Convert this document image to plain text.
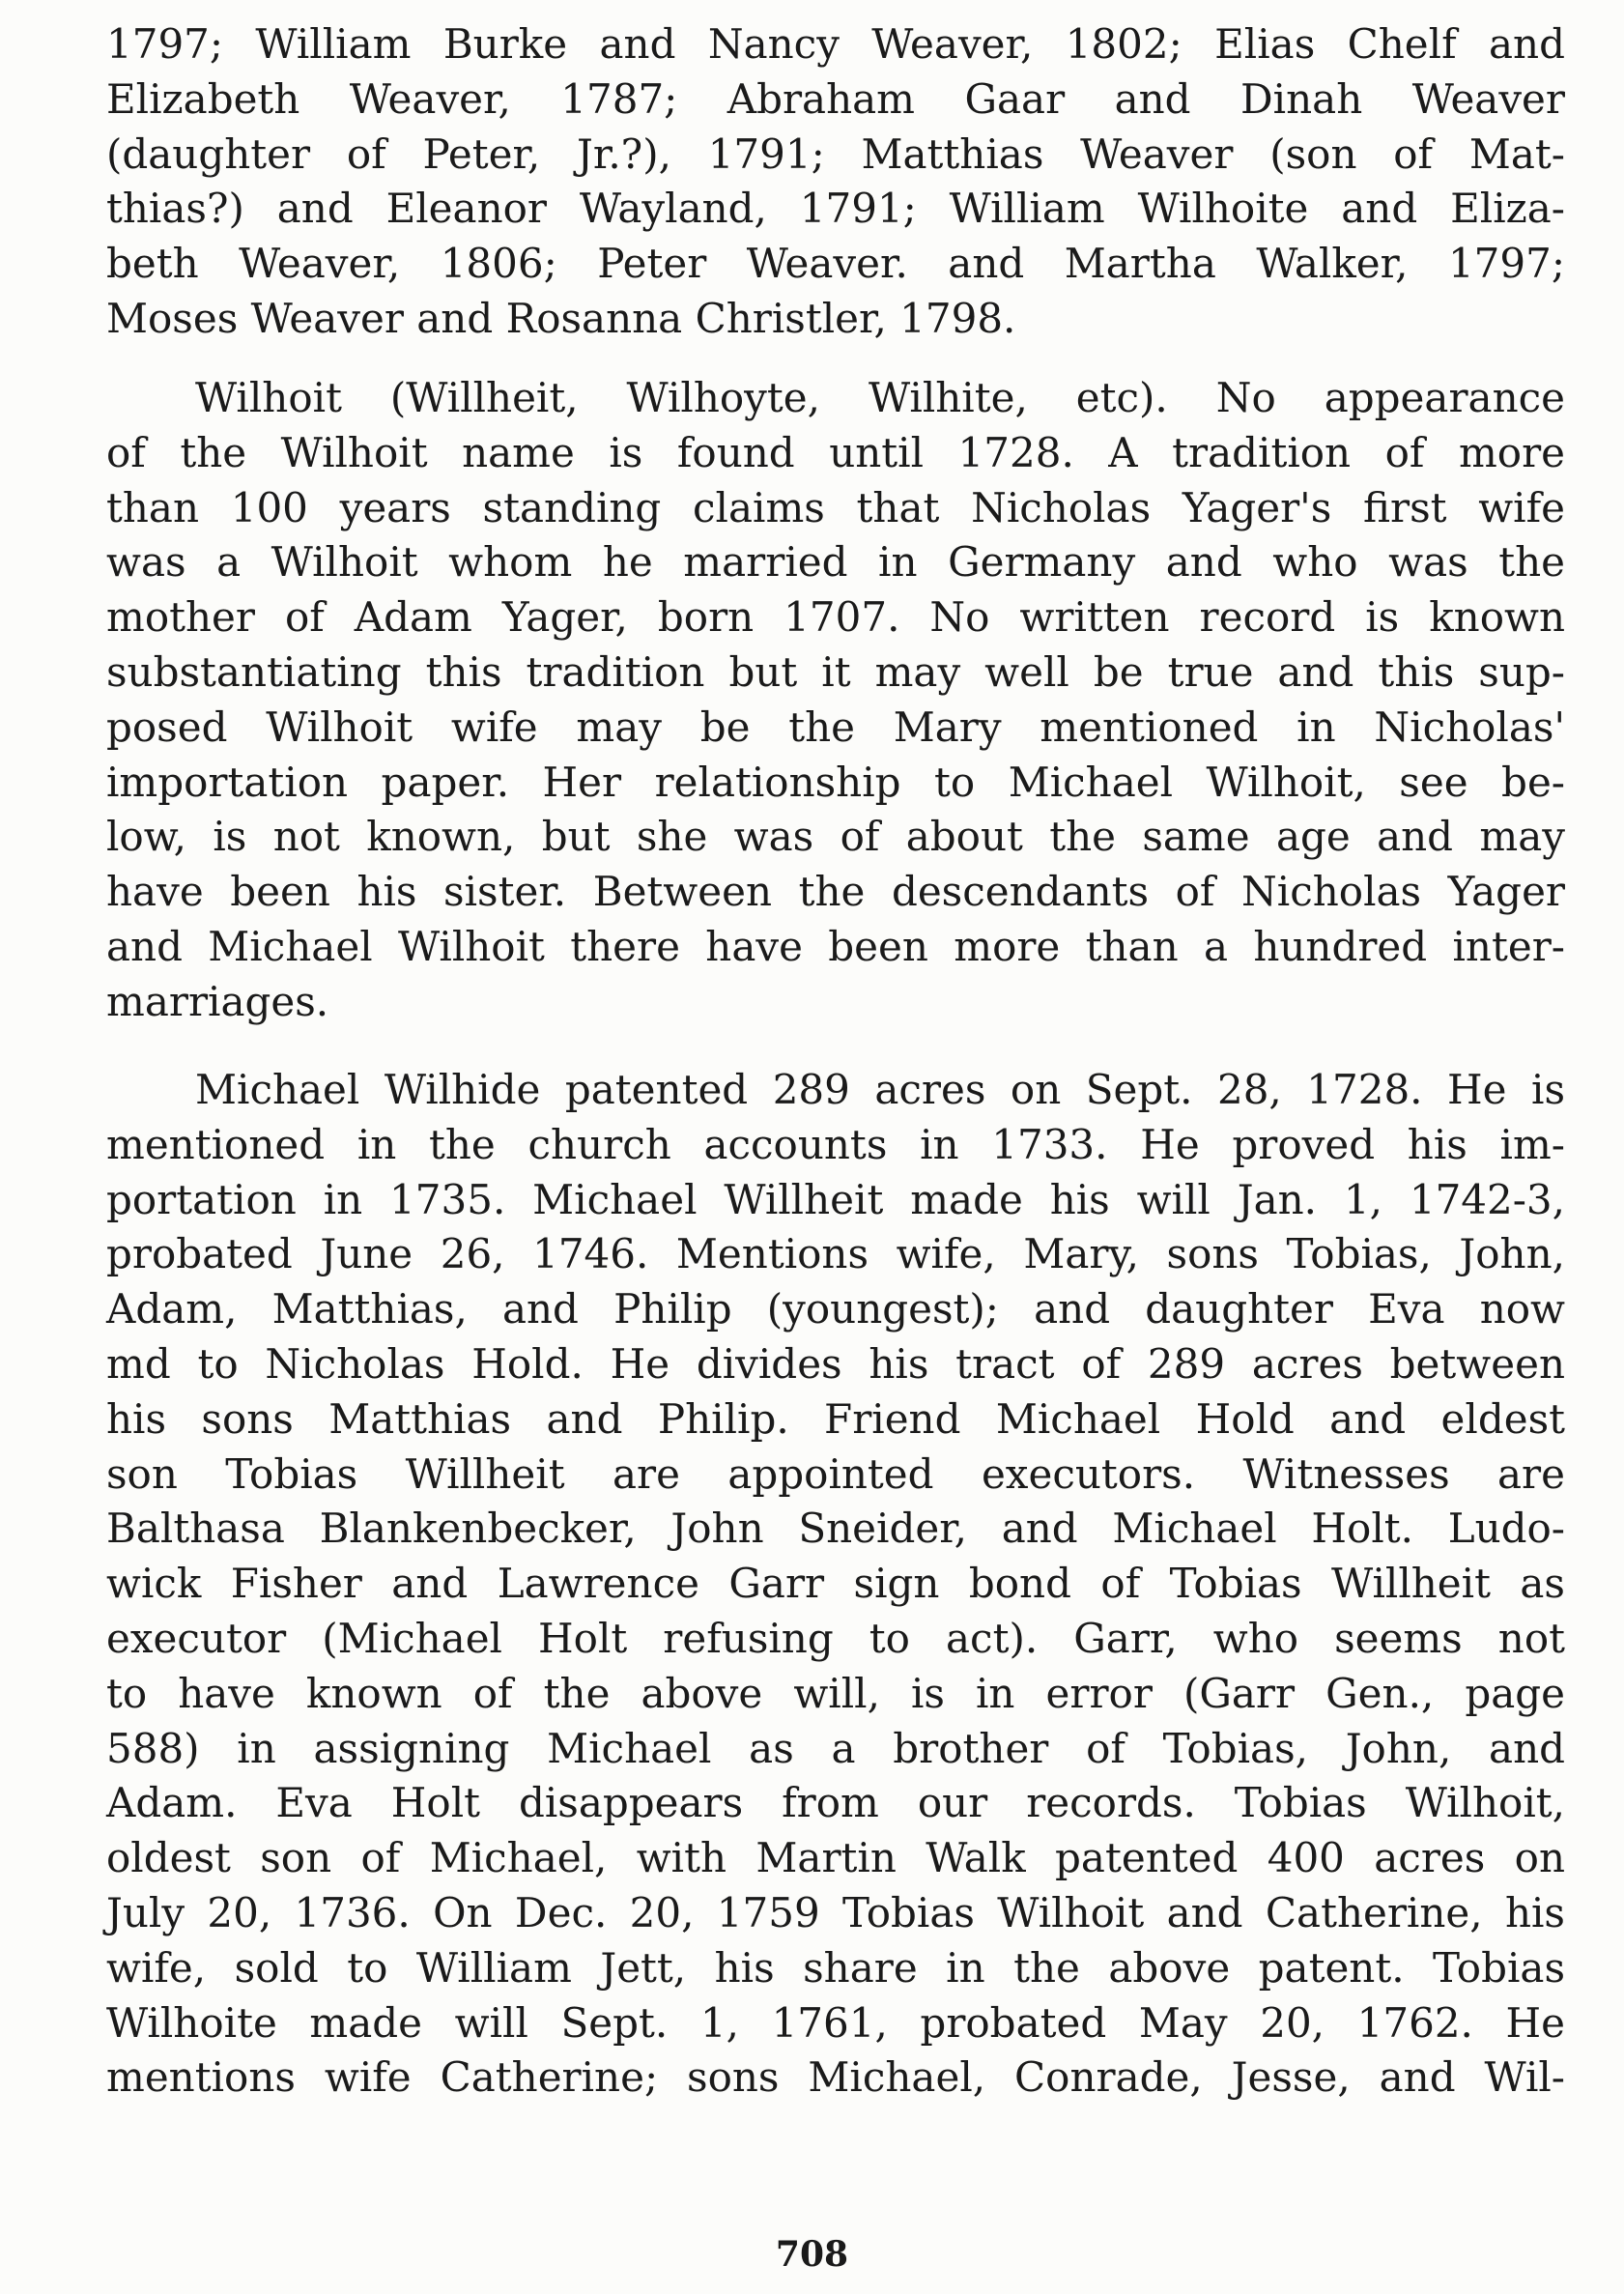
1797; William Burke and Nancy Weaver, 1802; Elias Chelf and
Elizabeth Weaver, 1787; Abraham Gaar and Dinah Weaver
(daughter of Peter, Jr.?), 1791; Matthias Weaver (son of Mat-
thias?) and Eleanor Wayland, 1791; William Wilhoite and Eliza-
beth Weaver, 1806; Peter Weaver. and Martha Walker, 1797;
Moses Weaver and Rosanna Christler, 1798.
Wilhoit (Willheit, Wilhoyte, Wilhite, etc). No appearance
of the Wilhoit name is found until 1728. A tradition of more
than 100 years standing claims that Nicholas Yager's first wife
was a Wilhoit whom he married in Germany and who was the
mother of Adam Yager, born 1707. No written record is known
substantiating this tradition but it may well be true and this sup-
posed Wilhoit wife may be the Mary mentioned in Nicholas'
importation paper. Her relationship to Michael Wilhoit, see be-
low, is not known, but she was of about the same age and may
have been his sister. Between the descendants of Nicholas Yager
and Michael Wilhoit there have been more than a hundred inter-
marriages.
Michael Wilhide patented 289 acres on Sept. 28, 1728. He is
mentioned in the church accounts in 1733. He proved his im-
portation in 1735. Michael Willheit made his will Jan. 1, 1742-3,
probated June 26, 1746. Mentions wife, Mary, sons Tobias, John,
Adam, Matthias, and Philip (youngest); and daughter Eva now
md to Nicholas Hold. He divides his tract of 289 acres between
his sons Matthias and Philip. Friend Michael Hold and eldest
son Tobias Willheit are appointed executors. Witnesses are
Balthasa Blankenbecker, John Sneider, and Michael Holt. Ludo-
wick Fisher and Lawrence Garr sign bond of Tobias Willheit as
executor (Michael Holt refusing to act). Garr, who seems not
to have known of the above will, is in error (Garr Gen., page
588) in assigning Michael as a brother of Tobias, John, and
Adam. Eva Holt disappears from our records. Tobias Wilhoit,
oldest son of Michael, with Martin Walk patented 400 acres on
July 20, 1736. On Dec. 20, 1759 Tobias Wilhoit and Catherine, his
wife, sold to William Jett, his share in the above patent. Tobias
Wilhoite made will Sept. 1, 1761, probated May 20, 1762. He
mentions wife Catherine; sons Michael, Conrade, Jesse, and Wil-
708
